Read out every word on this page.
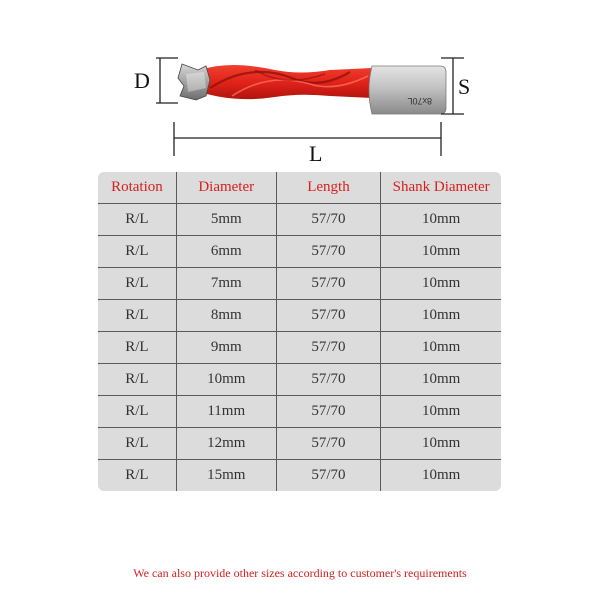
8x70L
D	S
L
Rotation	Diameter	Length	Shank Diameter
R/L	5mm	57/70	10mm
R/L	6mm	57/70	10mm
R/L	7mm	57/70	10mm
R/L	8mm	57/70	10mm
R/L	9mm	57/70	10mm
R/L	10mm	57/70	10mm
R/L	11mm	57/70	10mm
R/L	12mm	57/70	10mm
R/L	15mm	57/70	10mm
We can also provide other sizes according to customer's requirements
